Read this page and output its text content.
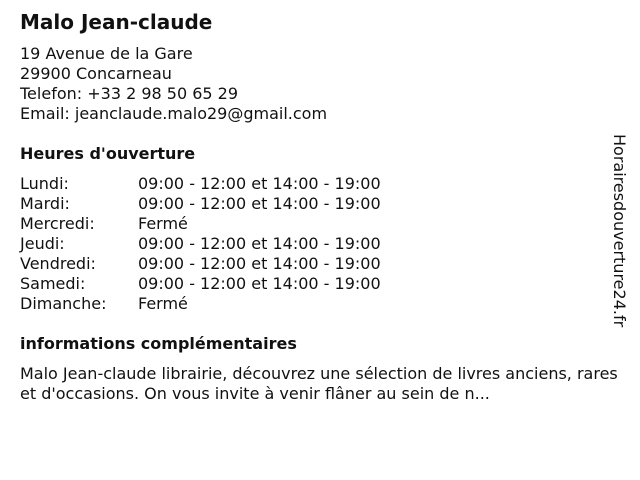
Malo Jean-claude
19 Avenue de la Gare
29900 Concarneau
Telefon: +33 2 98 50 65 29
Email: jeanclaude.malo29@gmail.com
Heures d'ouverture
Lundi:	09:00 - 12:00 et 14:00 - 19:00
Mardi:	09:00 - 12:00 et 14:00 - 19:00
Mercredi:	Fermé
Jeudi:	09:00 - 12:00 et 14:00 - 19:00
Vendredi:	09:00 - 12:00 et 14:00 - 19:00
Samedi:	09:00 - 12:00 et 14:00 - 19:00
Dimanche:	Fermé
informations complémentaires
Malo Jean-claude librairie, découvrez une sélection de livres anciens, rares et d'occasions. On vous invite à venir flâner au sein de n...
Horairesdouverture24.fr
